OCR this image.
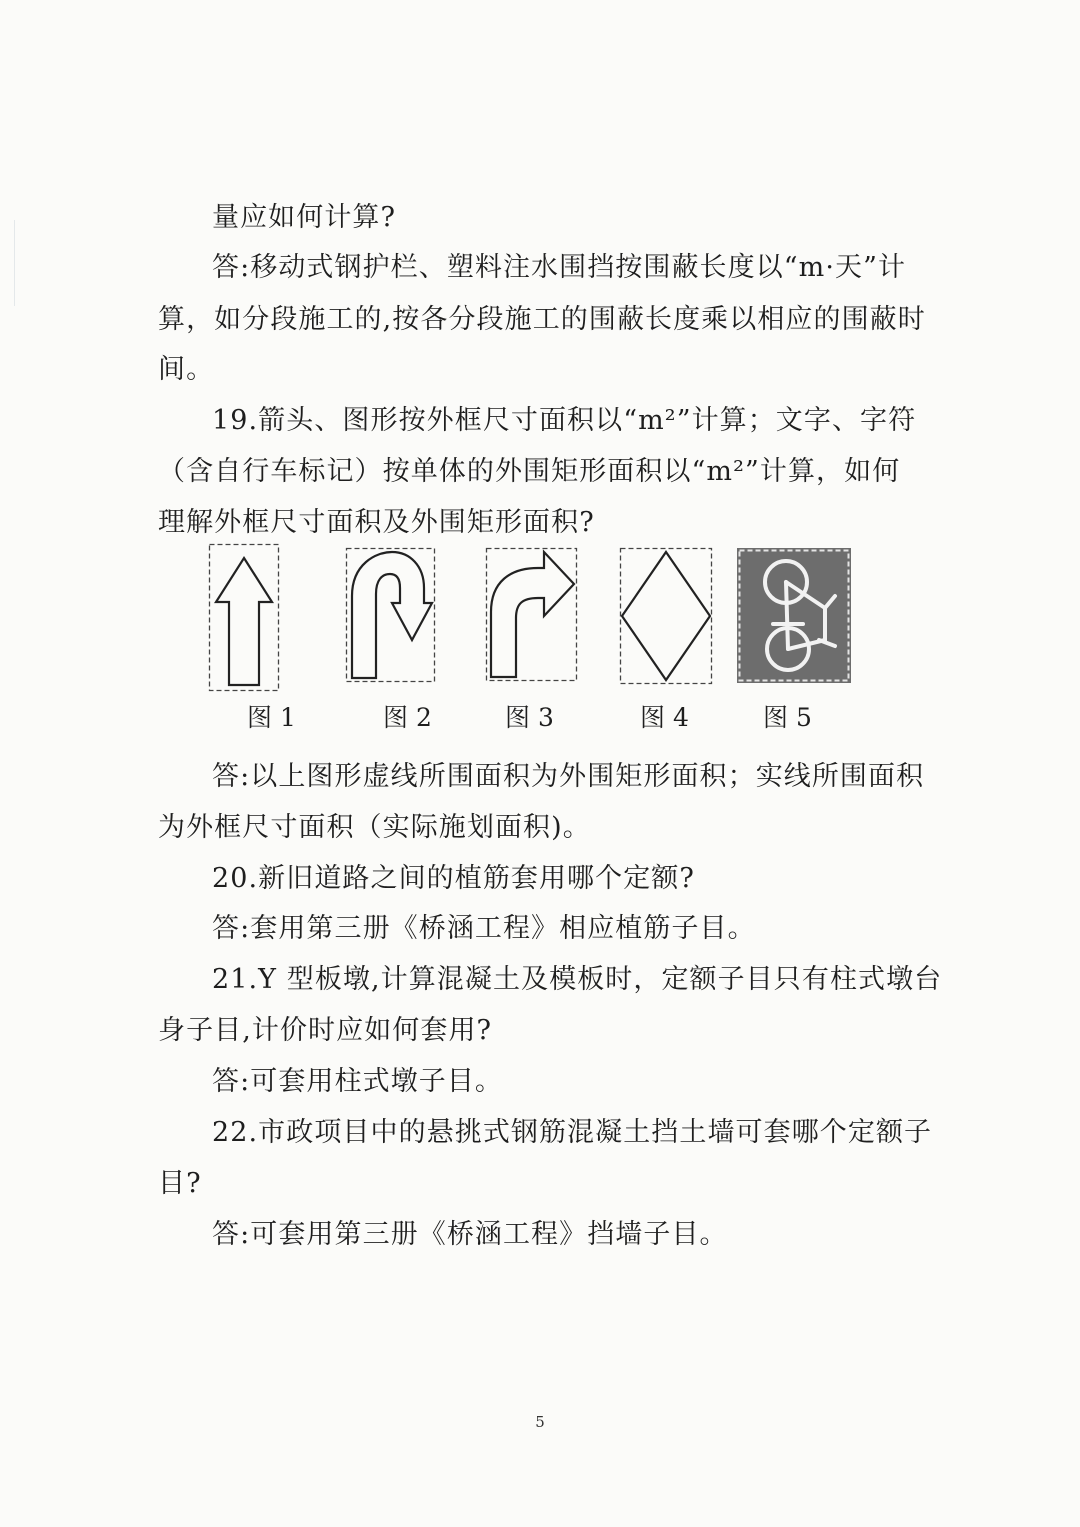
量应如何计算?
答:移动式钢护栏、塑料注水围挡按围蔽长度以“m·天”计
算，如分段施工的,按各分段施工的围蔽长度乘以相应的围蔽时
间。
19.箭头、图形按外框尺寸面积以“m²”计算；文字、字符
（含自行车标记）按单体的外围矩形面积以“m²”计算，如何
理解外框尺寸面积及外围矩形面积?
图 1	图 2	图 3	图 4	图 5
答:以上图形虚线所围面积为外围矩形面积；实线所围面积
为外框尺寸面积（实际施划面积)。
20.新旧道路之间的植筋套用哪个定额?
答:套用第三册《桥涵工程》相应植筋子目。
21.Y 型板墩,计算混凝土及模板时，定额子目只有柱式墩台
身子目,计价时应如何套用?
答:可套用柱式墩子目。
22.市政项目中的悬挑式钢筋混凝土挡土墙可套哪个定额子
目?
答:可套用第三册《桥涵工程》挡墙子目。
5
